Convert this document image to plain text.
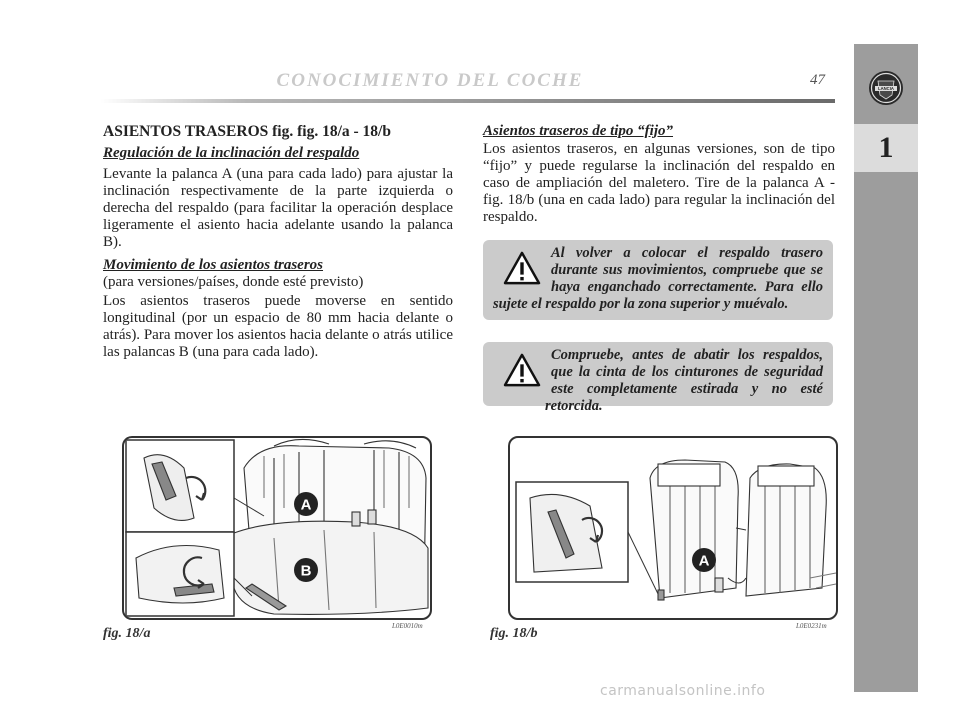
CONOCIMIENTO DEL COCHE	47
1
LANCIA

ASIENTOS TRASEROS fig. fig. 18/a - 18/b

Regulación de la inclinación del respaldo

Levante la palanca A (una para cada lado) para ajustar la inclinación respectivamente de la parte izquierda o derecha del respaldo (para facilitar la operación desplace ligeramente el asiento hacia adelante usando la palanca B).

Movimiento de los asientos traseros

(para versiones/países, donde esté previsto)

Los asientos traseros puede moverse en sentido longitudinal (por un espacio de 80 mm hacia delante o atrás). Para mover los asientos hacia delante o atrás utilice las palancas B (una para cada lado).

Asientos traseros de tipo “fijo”

Los asientos traseros, en algunas versiones, son de tipo “fijo” y puede regularse la inclinación del respaldo en caso de ampliación del maletero. Tire de la palanca A - fig. 18/b (una en cada lado) para regular la inclinación del respaldo.

Al volver a colocar el respaldo trasero durante sus movimientos, compruebe que se haya enganchado correctamente. Para ello sujete el respaldo por la zona superior y muévalo.
Compruebe, antes de abatir los respaldos, que la cinta de los cinturones de seguridad este completamente estirada y no esté retorcida.
A
B
fig. 18/a	L0E0010m
A
fig. 18/b	L0E0231m
carmanualsonline.info
